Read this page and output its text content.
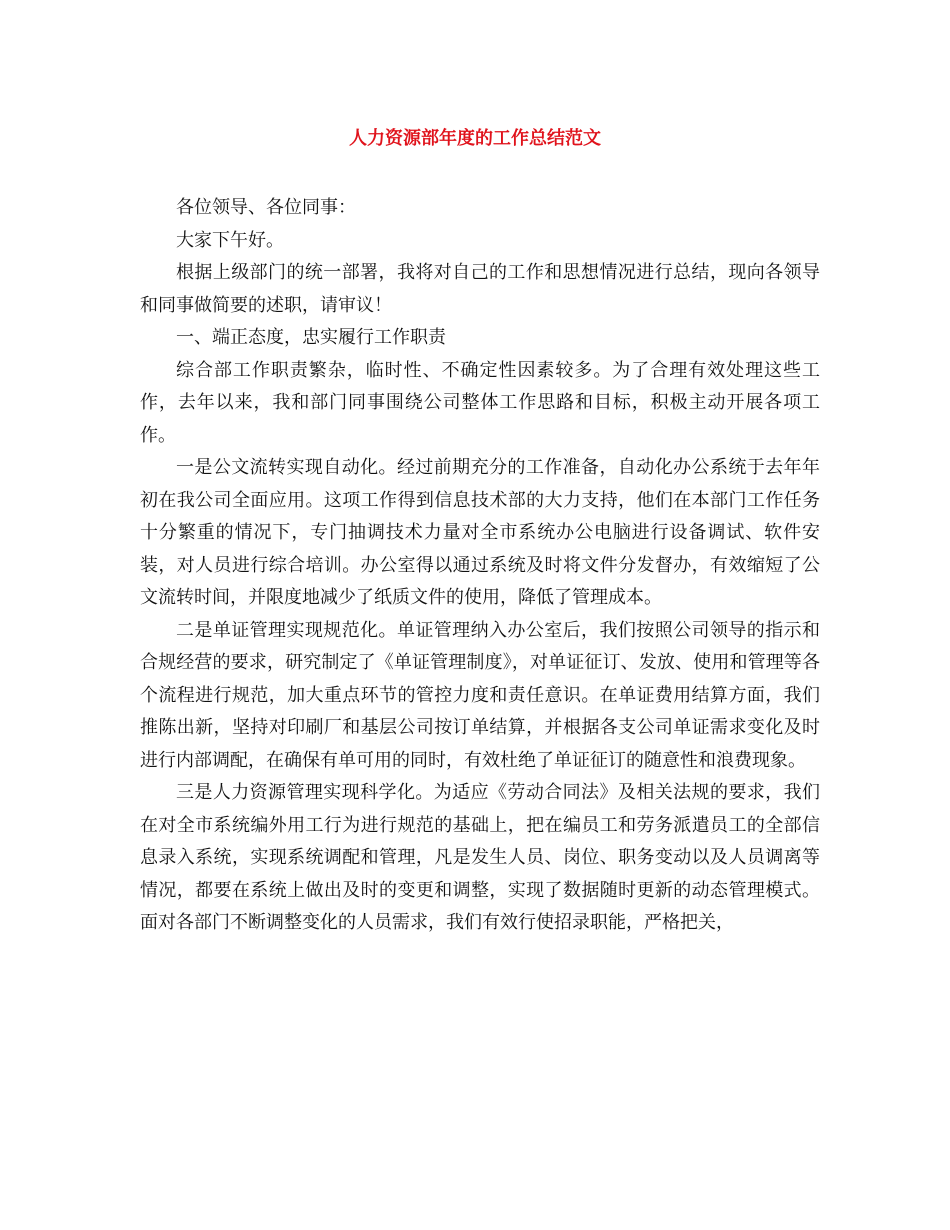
人力资源部年度的工作总结范文

各位领导、各位同事：

大家下午好。

根据上级部门的统一部署，我将对自己的工作和思想情况进行总结，现向各领导和同事做简要的述职，请审议！

一、端正态度，忠实履行工作职责

综合部工作职责繁杂，临时性、不确定性因素较多。为了合理有效处理这些工作，去年以来，我和部门同事围绕公司整体工作思路和目标，积极主动开展各项工作。

一是公文流转实现自动化。经过前期充分的工作准备，自动化办公系统于去年年初在我公司全面应用。这项工作得到信息技术部的大力支持，他们在本部门工作任务十分繁重的情况下，专门抽调技术力量对全市系统办公电脑进行设备调试、软件安装，对人员进行综合培训。办公室得以通过系统及时将文件分发督办，有效缩短了公文流转时间，并限度地减少了纸质文件的使用，降低了管理成本。

二是单证管理实现规范化。单证管理纳入办公室后，我们按照公司领导的指示和合规经营的要求，研究制定了《单证管理制度》，对单证征订、发放、使用和管理等各个流程进行规范，加大重点环节的管控力度和责任意识。在单证费用结算方面，我们推陈出新，坚持对印刷厂和基层公司按订单结算，并根据各支公司单证需求变化及时进行内部调配，在确保有单可用的同时，有效杜绝了单证征订的随意性和浪费现象。

三是人力资源管理实现科学化。为适应《劳动合同法》及相关法规的要求，我们在对全市系统编外用工行为进行规范的基础上，把在编员工和劳务派遣员工的全部信息录入系统，实现系统调配和管理，凡是发生人员、岗位、职务变动以及人员调离等情况，都要在系统上做出及时的变更和调整，实现了数据随时更新的动态管理模式。面对各部门不断调整变化的人员需求，我们有效行使招录职能，严格把关，
